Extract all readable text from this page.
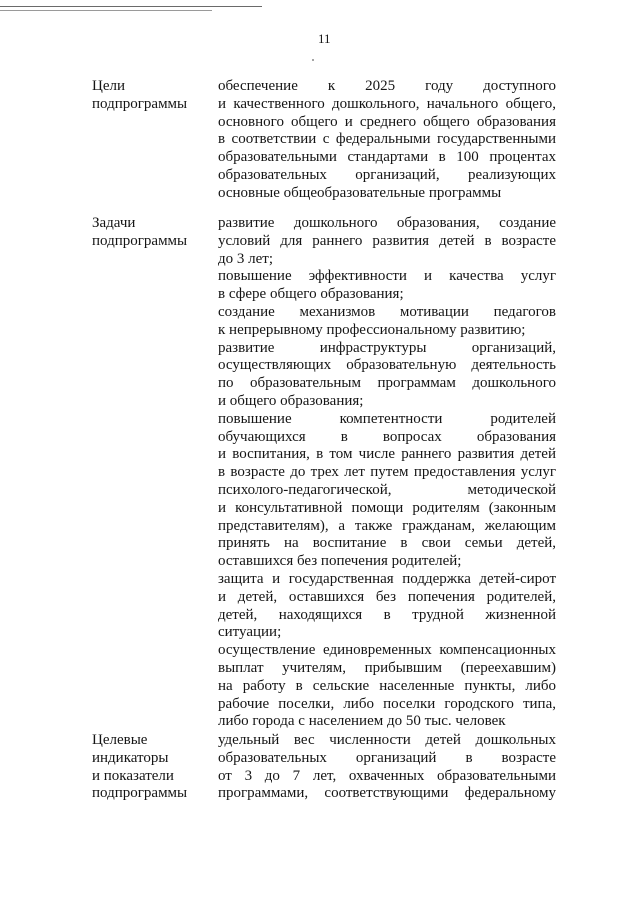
11
Цели
подпрограммы
обеспечение к 2025 году доступного
и качественного дошкольного, начального общего,
основного общего и среднего общего образования
в соответствии с федеральными государственными
образовательными стандартами в 100 процентах
образовательных организаций, реализующих
основные общеобразовательные программы
Задачи
подпрограммы
развитие дошкольного образования, создание
условий для раннего развития детей в возрасте
до 3 лет;
повышение эффективности и качества услуг
в сфере общего образования;
создание механизмов мотивации педагогов
к непрерывному профессиональному развитию;
развитие инфраструктуры организаций,
осуществляющих образовательную деятельность
по образовательным программам дошкольного
и общего образования;
повышение компетентности родителей
обучающихся в вопросах образования
и воспитания, в том числе раннего развития детей
в возрасте до трех лет путем предоставления услуг
психолого-педагогической, методической
и консультативной помощи родителям (законным
представителям), а также гражданам, желающим
принять на воспитание в свои семьи детей,
оставшихся без попечения родителей;
защита и государственная поддержка детей-сирот
и детей, оставшихся без попечения родителей,
детей, находящихся в трудной жизненной
ситуации;
осуществление единовременных компенсационных
выплат учителям, прибывшим (переехавшим)
на работу в сельские населенные пункты, либо
рабочие поселки, либо поселки городского типа,
либо города с населением до 50 тыс. человек
Целевые
индикаторы
и показатели
подпрограммы
удельный вес численности детей дошкольных
образовательных организаций в возрасте
от 3 до 7 лет, охваченных образовательными
программами, соответствующими федеральному
